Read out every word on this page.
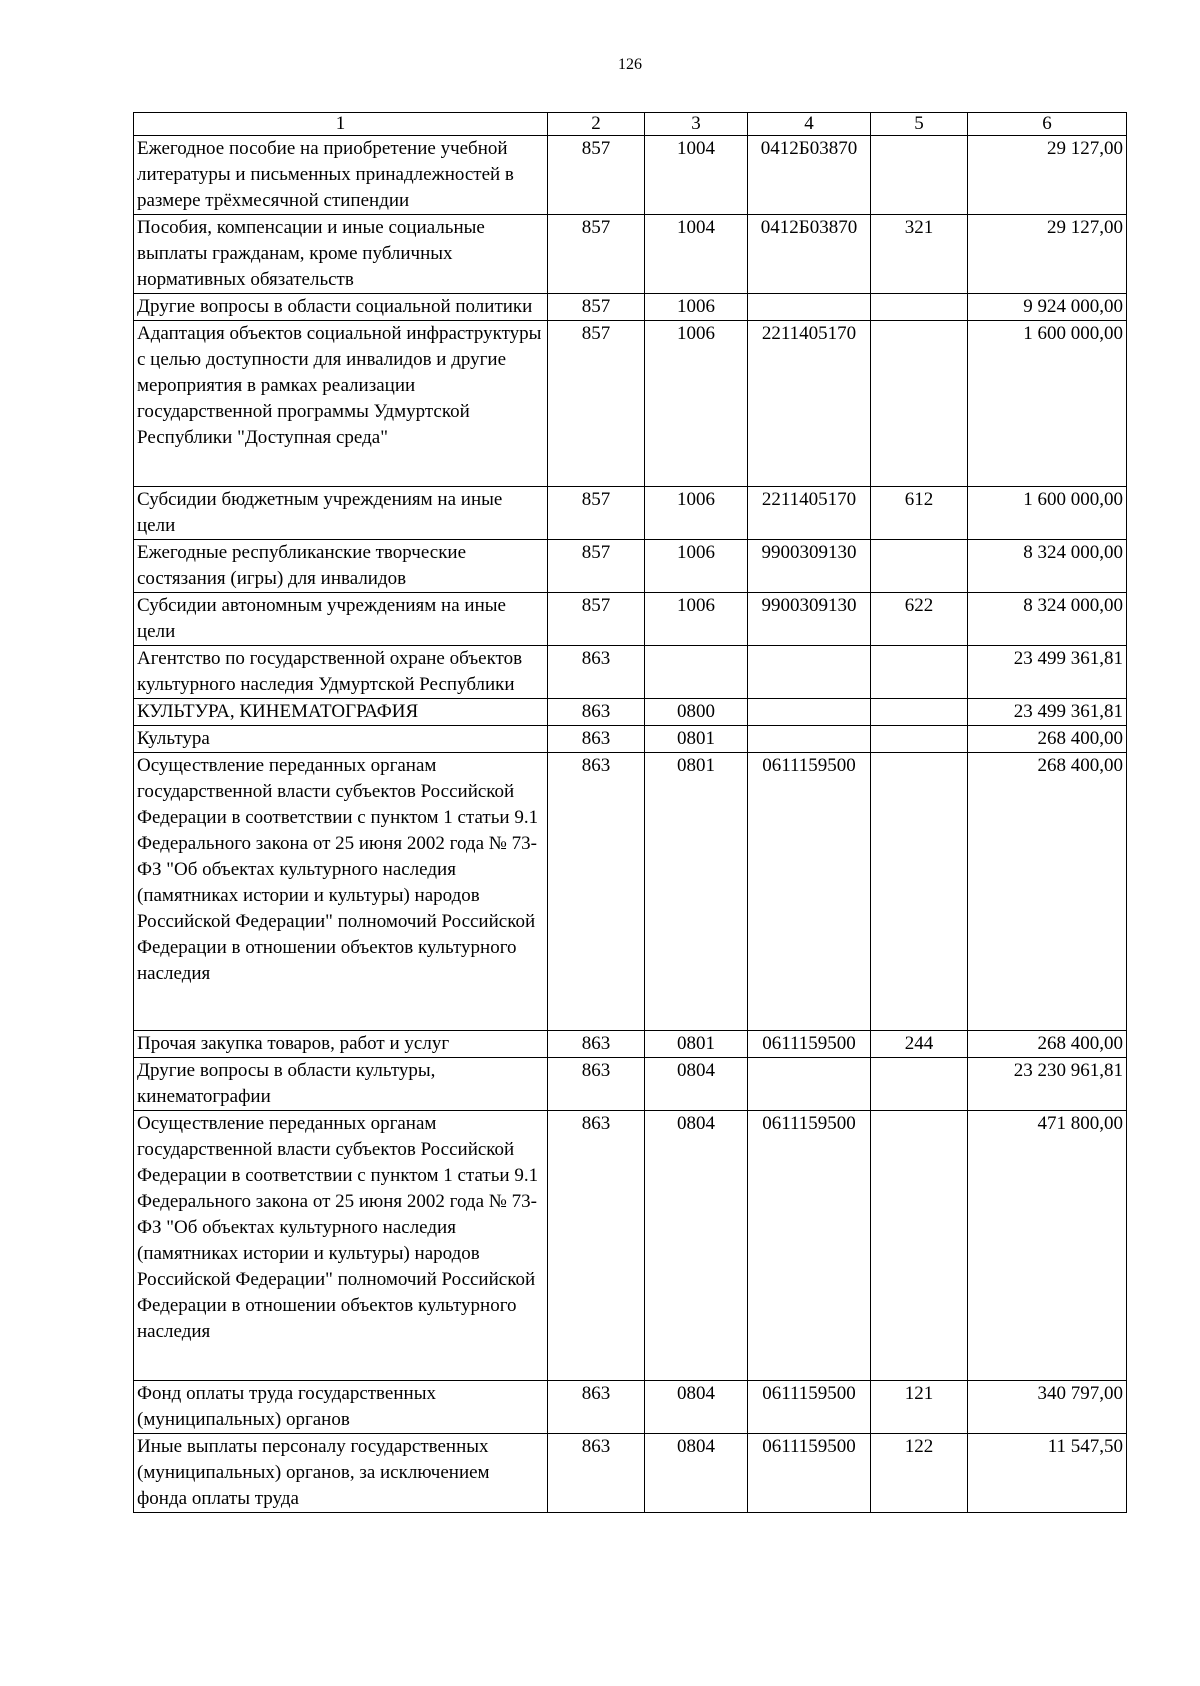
126
1	2	3	4	5	6
Ежегодное пособие на приобретение учебной литературы и письменных принадлежностей в размере трёхмесячной стипендии	857	1004	0412Б03870		29 127,00
Пособия, компенсации и иные социальные выплаты гражданам, кроме публичных нормативных обязательств	857	1004	0412Б03870	321	29 127,00
Другие вопросы в области социальной политики	857	1006			9 924 000,00
Адаптация объектов социальной инфраструктуры с целью доступности для инвалидов и другие мероприятия в рамках реализации государственной программы Удмуртской Республики "Доступная среда"	857	1006	2211405170		1 600 000,00
Субсидии бюджетным учреждениям на иные цели	857	1006	2211405170	612	1 600 000,00
Ежегодные республиканские творческие состязания (игры) для инвалидов	857	1006	9900309130		8 324 000,00
Субсидии автономным учреждениям на иные цели	857	1006	9900309130	622	8 324 000,00
Агентство по государственной охране объектов культурного наследия Удмуртской Республики	863				23 499 361,81
КУЛЬТУРА, КИНЕМАТОГРАФИЯ	863	0800			23 499 361,81
Культура	863	0801			268 400,00
Осуществление переданных органам государственной власти субъектов Российской Федерации в соответствии с пунктом 1 статьи 9.1 Федерального закона от 25 июня 2002 года № 73-ФЗ "Об объектах культурного наследия (памятниках истории и культуры) народов Российской Федерации" полномочий Российской Федерации в отношении объектов культурного наследия	863	0801	0611159500		268 400,00
Прочая закупка товаров, работ и услуг	863	0801	0611159500	244	268 400,00
Другие вопросы в области культуры, кинематографии	863	0804			23 230 961,81
Осуществление переданных органам государственной власти субъектов Российской Федерации в соответствии с пунктом 1 статьи 9.1 Федерального закона от 25 июня 2002 года № 73-ФЗ "Об объектах культурного наследия (памятниках истории и культуры) народов Российской Федерации" полномочий Российской Федерации в отношении объектов культурного наследия	863	0804	0611159500		471 800,00
Фонд оплаты труда государственных (муниципальных) органов	863	0804	0611159500	121	340 797,00
Иные выплаты персоналу государственных (муниципальных) органов, за исключением фонда оплаты труда	863	0804	0611159500	122	11 547,50
